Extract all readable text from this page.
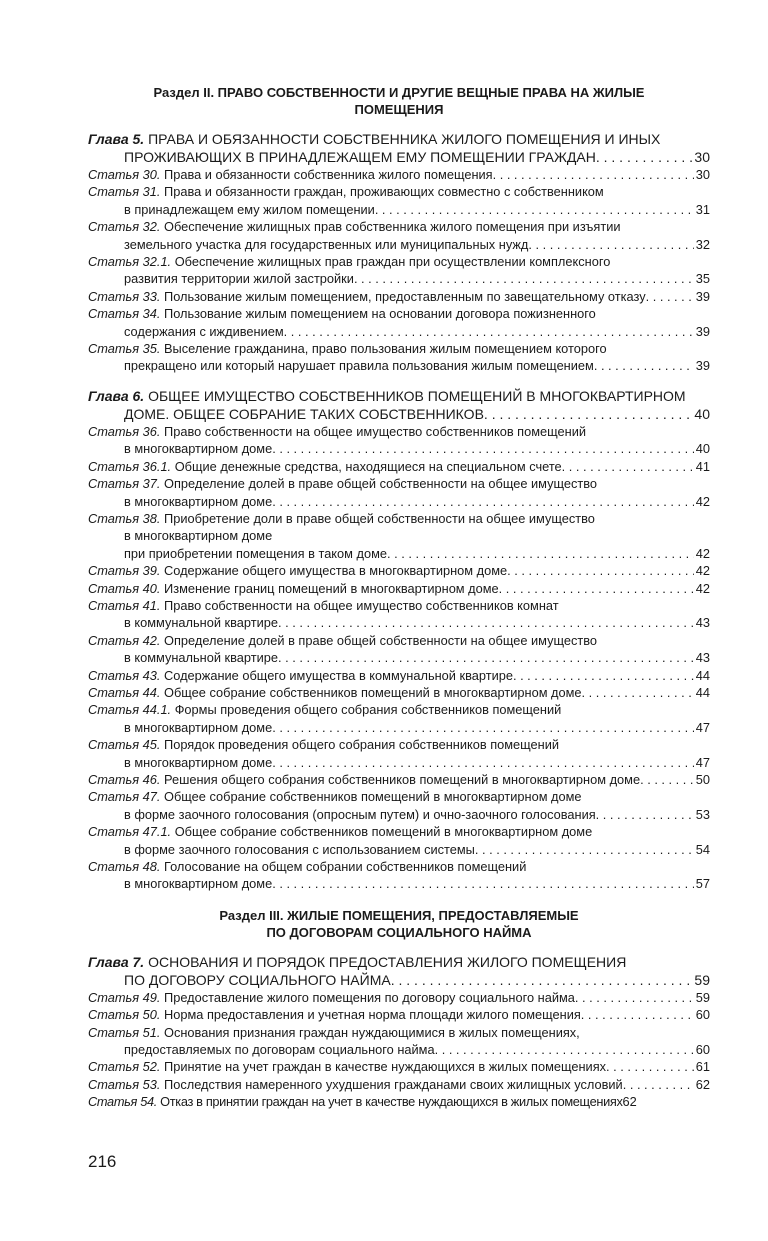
Раздел II. ПРАВО СОБСТВЕННОСТИ И ДРУГИЕ ВЕЩНЫЕ ПРАВА НА ЖИЛЫЕ
ПОМЕЩЕНИЯ
Глава 5. ПРАВА И ОБЯЗАННОСТИ СОБСТВЕННИКА ЖИЛОГО ПОМЕЩЕНИЯ И ИНЫХ
ПРОЖИВАЮЩИХ В ПРИНАДЛЕЖАЩЕМ ЕМУ ПОМЕЩЕНИИ ГРАЖДАН . . .	30
Статья 30. Права и обязанности собственника жилого помещения . . .	30
Статья 31. Права и обязанности граждан, проживающих совместно с собственником
в принадлежащем ему жилом помещении . . .	31
Статья 32. Обеспечение жилищных прав собственника жилого помещения при изъятии
земельного участка для государственных или муниципальных нужд . . .	32
Статья 32.1. Обеспечение жилищных прав граждан при осуществлении комплексного
развития территории жилой застройки . . .	35
Статья 33. Пользование жилым помещением, предоставленным по завещательному отказу . . .	39
Статья 34. Пользование жилым помещением на основании договора пожизненного
содержания с иждивением . . .	39
Статья 35. Выселение гражданина, право пользования жилым помещением которого
прекращено или который нарушает правила пользования жилым помещением . . .	39
Глава 6. ОБЩЕЕ ИМУЩЕСТВО СОБСТВЕННИКОВ ПОМЕЩЕНИЙ В МНОГОКВАРТИРНОМ
ДОМЕ. ОБЩЕЕ СОБРАНИЕ ТАКИХ СОБСТВЕННИКОВ . . .	40
Статья 36. Право собственности на общее имущество собственников помещений
в многоквартирном доме . . .	40
Статья 36.1. Общие денежные средства, находящиеся на специальном счете . . .	41
Статья 37. Определение долей в праве общей собственности на общее имущество
в многоквартирном доме . . .	42
Статья 38. Приобретение доли в праве общей собственности на общее имущество
в многоквартирном доме
при приобретении помещения в таком доме . . .	42
Статья 39. Содержание общего имущества в многоквартирном доме . . .	42
Статья 40. Изменение границ помещений в многоквартирном доме . . .	42
Статья 41. Право собственности на общее имущество собственников комнат
в коммунальной квартире . . .	43
Статья 42. Определение долей в праве общей собственности на общее имущество
в коммунальной квартире . . .	43
Статья 43. Содержание общего имущества в коммунальной квартире . . .	44
Статья 44. Общее собрание собственников помещений в многоквартирном доме . . .	44
Статья 44.1. Формы проведения общего собрания собственников помещений
в многоквартирном доме . . .	47
Статья 45. Порядок проведения общего собрания собственников помещений
в многоквартирном доме . . .	47
Статья 46. Решения общего собрания собственников помещений в многоквартирном доме . . .	50
Статья 47. Общее собрание собственников помещений в многоквартирном доме
в форме заочного голосования (опросным путем) и очно-заочного голосования . . .	53
Статья 47.1. Общее собрание собственников помещений в многоквартирном доме
в форме заочного голосования с использованием системы . . .	54
Статья 48. Голосование на общем собрании собственников помещений
в многоквартирном доме . . .	57
Раздел III. ЖИЛЫЕ ПОМЕЩЕНИЯ, ПРЕДОСТАВЛЯЕМЫЕ
ПО ДОГОВОРАМ СОЦИАЛЬНОГО НАЙМА
Глава 7. ОСНОВАНИЯ И ПОРЯДОК ПРЕДОСТАВЛЕНИЯ ЖИЛОГО ПОМЕЩЕНИЯ
ПО ДОГОВОРУ СОЦИАЛЬНОГО НАЙМА . . .	59
Статья 49. Предоставление жилого помещения по договору социального найма . . .	59
Статья 50. Норма предоставления и учетная норма площади жилого помещения . . .	60
Статья 51. Основания признания граждан нуждающимися в жилых помещениях,
предоставляемых по договорам социального найма . . .	60
Статья 52. Принятие на учет граждан в качестве нуждающихся в жилых помещениях . . .	61
Статья 53. Последствия намеренного ухудшения гражданами своих жилищных условий . . .	62
Статья 54. Отказ в принятии граждан на учет в качестве нуждающихся в жилых помещениях 62
216
